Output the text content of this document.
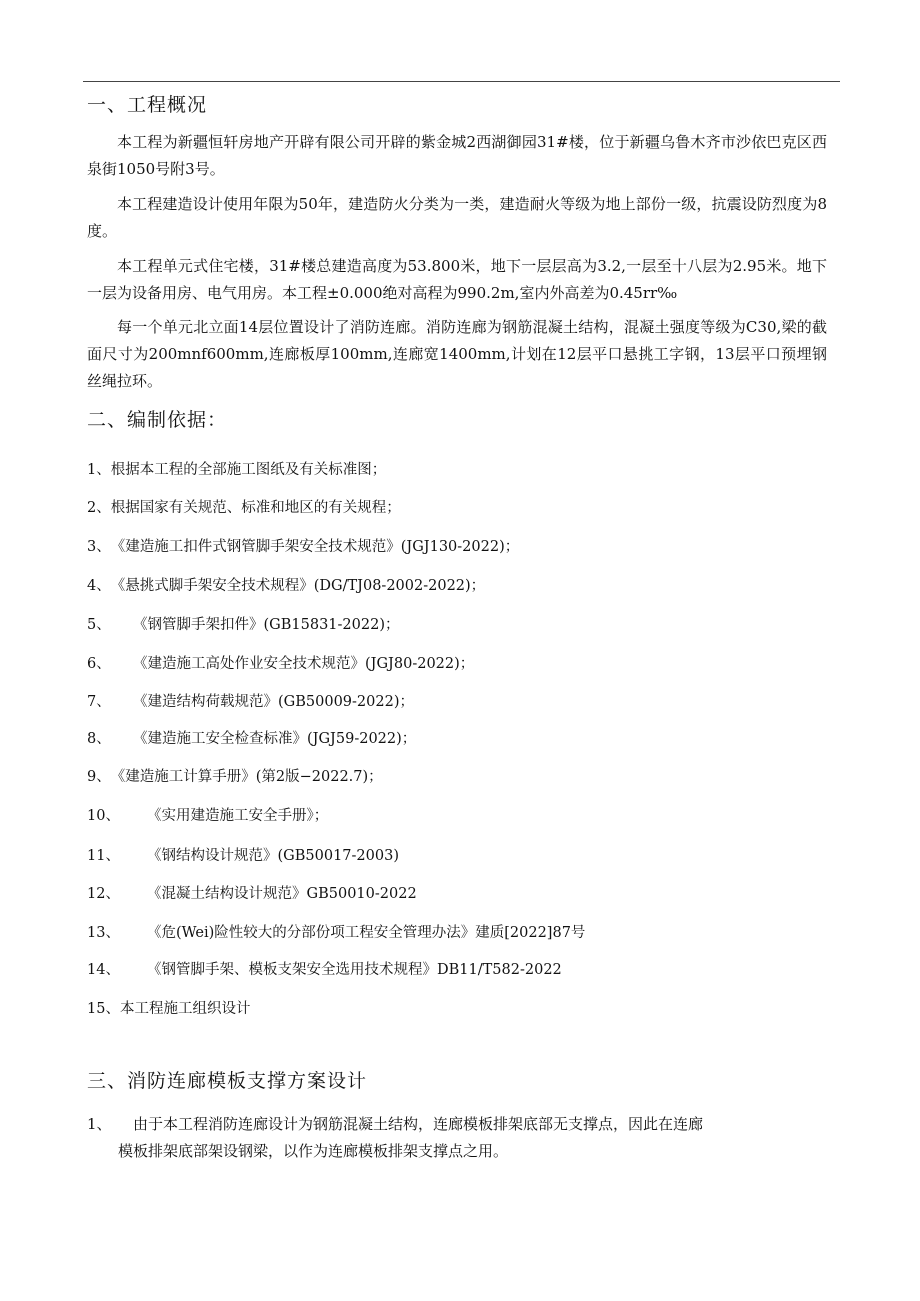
一、工程概况
本工程为新疆恒轩房地产开辟有限公司开辟的紫金城2西湖御园31#楼，位于新疆乌鲁木齐市沙依巴克区西泉街1050号附3号。
本工程建造设计使用年限为50年，建造防火分类为一类，建造耐火等级为地上部份一级，抗震设防烈度为8度。
本工程单元式住宅楼，31#楼总建造高度为53.800米，地下一层层高为3.2,一层至十八层为2.95米。地下一层为设备用房、电气用房。本工程±0.000绝对高程为990.2m,室内外高差为0.45rr‰
每一个单元北立面14层位置设计了消防连廊。消防连廊为钢筋混凝土结构，混凝土强度等级为C30,梁的截面尺寸为200mnf600mm,连廊板厚100mm,连廊宽1400mm,计划在12层平口悬挑工字钢，13层平口预埋钢丝绳拉环。
二、编制依据：
1、根据本工程的全部施工图纸及有关标准图；
2、根据国家有关规范、标准和地区的有关规程；
3、《建造施工扣件式钢管脚手架安全技术规范》(JGJ130-2022)；
4、《悬挑式脚手架安全技术规程》(DG/TJ08-2002-2022)；
5、 《钢管脚手架扣件》(GB15831-2022)；
6、 《建造施工高处作业安全技术规范》(JGJ80-2022)；
7、 《建造结构荷载规范》(GB50009-2022)；
8、 《建造施工安全检查标准》(JGJ59-2022)；
9、《建造施工计算手册》(第2版−2022.7)；
10、 《实用建造施工安全手册》；
11、 《钢结构设计规范》(GB50017-2003)
12、 《混凝土结构设计规范》GB50010-2022
13、 《危(Wei)险性较大的分部份项工程安全管理办法》建质[2022]87号
14、 《钢管脚手架、模板支架安全选用技术规程》DB11/T582-2022
15、本工程施工组织设计
三、消防连廊模板支撑方案设计
1、 由于本工程消防连廊设计为钢筋混凝土结构，连廊模板排架底部无支撑点，因此在连廊
模板排架底部架设钢梁，以作为连廊模板排架支撑点之用。
